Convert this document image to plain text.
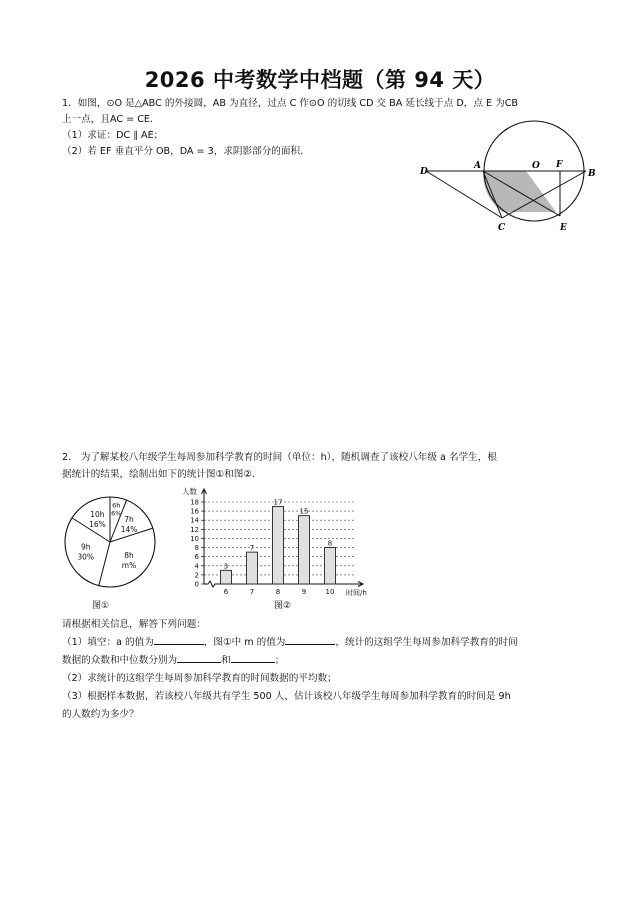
2026 中考数学中档题（第 94 天）
1．如图，⊙O 是△ABC 的外接圆，AB 为直径，过点 C 作⊙O 的切线 CD 交 BA 延长线于点 D，点 E 为CB
上一点，且AC = CE.
（1）求证：DC ∥ AE；
（2）若 EF 垂直平分 OB，DA = 3，求阴影部分的面积.
D
A	O F
B
C	E
2． 为了解某校八年级学生每周参加科学教育的时间（单位：h），随机调查了该校八年级 a 名学生，根
据统计的结果，绘制出如下的统计图①和图②.
6h 6%
7h 14%
8h m%
9h 30%
10h 16%
图①
0
2
4
6
8
10
12
14
16
18
人数
时间/h
3
6
7
7
17
8
15
9
8
10
图②
请根据相关信息，解答下列问题：
（1）填空：a 的值为	，图①中 m 的值为	，统计的这组学生每周参加科学教育的时间
数据的众数和中位数分别为	和	；
（2）求统计的这组学生每周参加科学教育的时间数据的平均数；
（3）根据样本数据，若该校八年级共有学生 500 人，估计该校八年级学生每周参加科学教育的时间是 9h
的人数约为多少？
